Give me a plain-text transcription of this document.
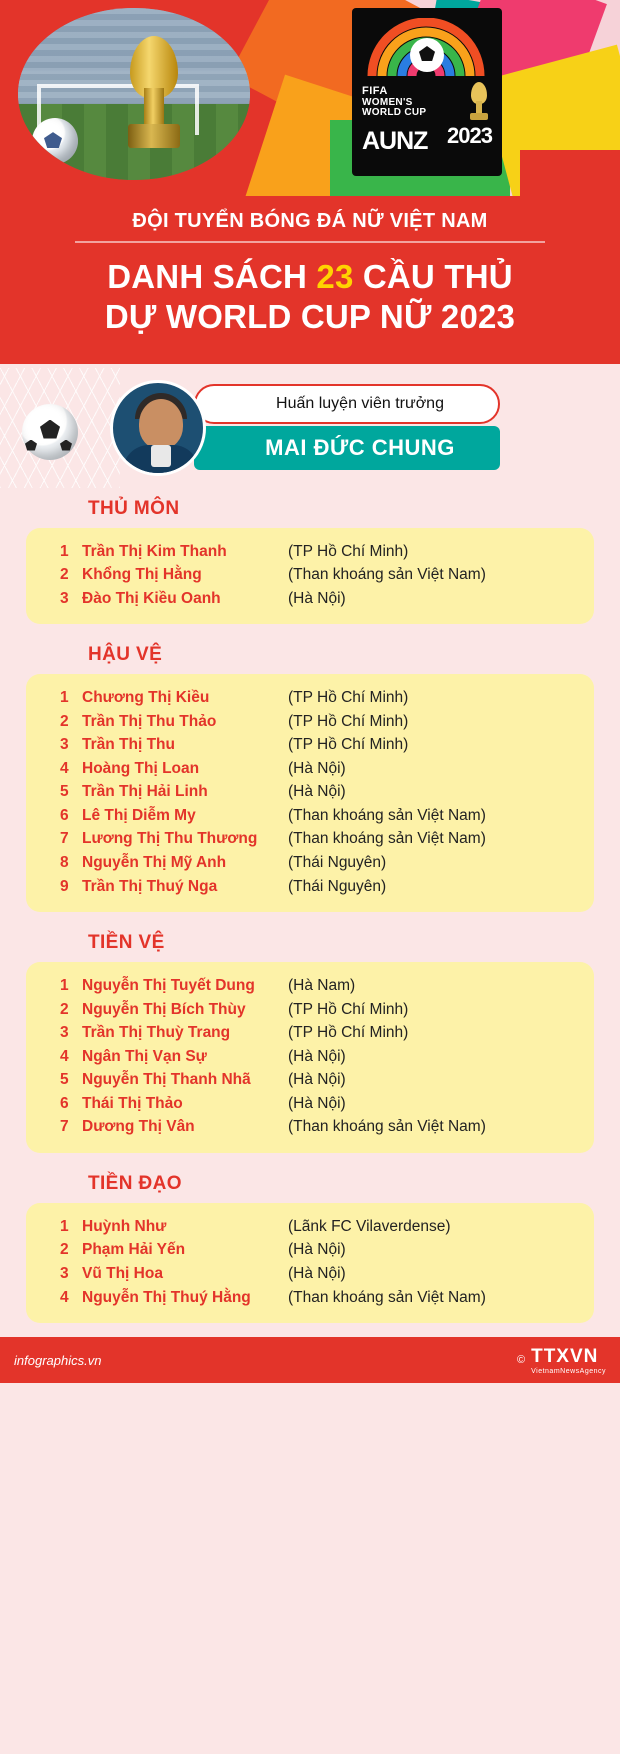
FIFA
WOMEN'S
WORLD CUP
AUNZ 2023
ĐỘI TUYỂN BÓNG ĐÁ NỮ VIỆT NAM
DANH SÁCH 23 CẦU THỦ
DỰ WORLD CUP NỮ 2023
Huấn luyện viên trưởng
MAI ĐỨC CHUNG
THỦ MÔN
1 Trần Thị Kim Thanh	(TP Hồ Chí Minh)
2 Khổng Thị Hằng	(Than khoáng sản Việt Nam)
3 Đào Thị Kiều Oanh	(Hà Nội)
HẬU VỆ
1 Chương Thị Kiều	(TP Hồ Chí Minh)
2 Trần Thị Thu Thảo	(TP Hồ Chí Minh)
3 Trần Thị Thu	(TP Hồ Chí Minh)
4 Hoàng Thị Loan	(Hà Nội)
5 Trần Thị Hải Linh	(Hà Nội)
6 Lê Thị Diễm My	(Than khoáng sản Việt Nam)
7 Lương Thị Thu Thương	(Than khoáng sản Việt Nam)
8 Nguyễn Thị Mỹ Anh	(Thái Nguyên)
9 Trần Thị Thuý Nga	(Thái Nguyên)
TIỀN VỆ
1 Nguyễn Thị Tuyết Dung	(Hà Nam)
2 Nguyễn Thị Bích Thùy	(TP Hồ Chí Minh)
3 Trần Thị Thuỳ Trang	(TP Hồ Chí Minh)
4 Ngân Thị Vạn Sự	(Hà Nội)
5 Nguyễn Thị Thanh Nhã	(Hà Nội)
6 Thái Thị Thảo	(Hà Nội)
7 Dương Thị Vân	(Than khoáng sản Việt Nam)
TIỀN ĐẠO
1 Huỳnh Như	(Lãnk FC Vilaverdense)
2 Phạm Hải Yến	(Hà Nội)
3 Vũ Thị Hoa	(Hà Nội)
4 Nguyễn Thị Thuý Hằng	(Than khoáng sản Việt Nam)
infographics.vn	© TTXVN
VietnamNewsAgency
